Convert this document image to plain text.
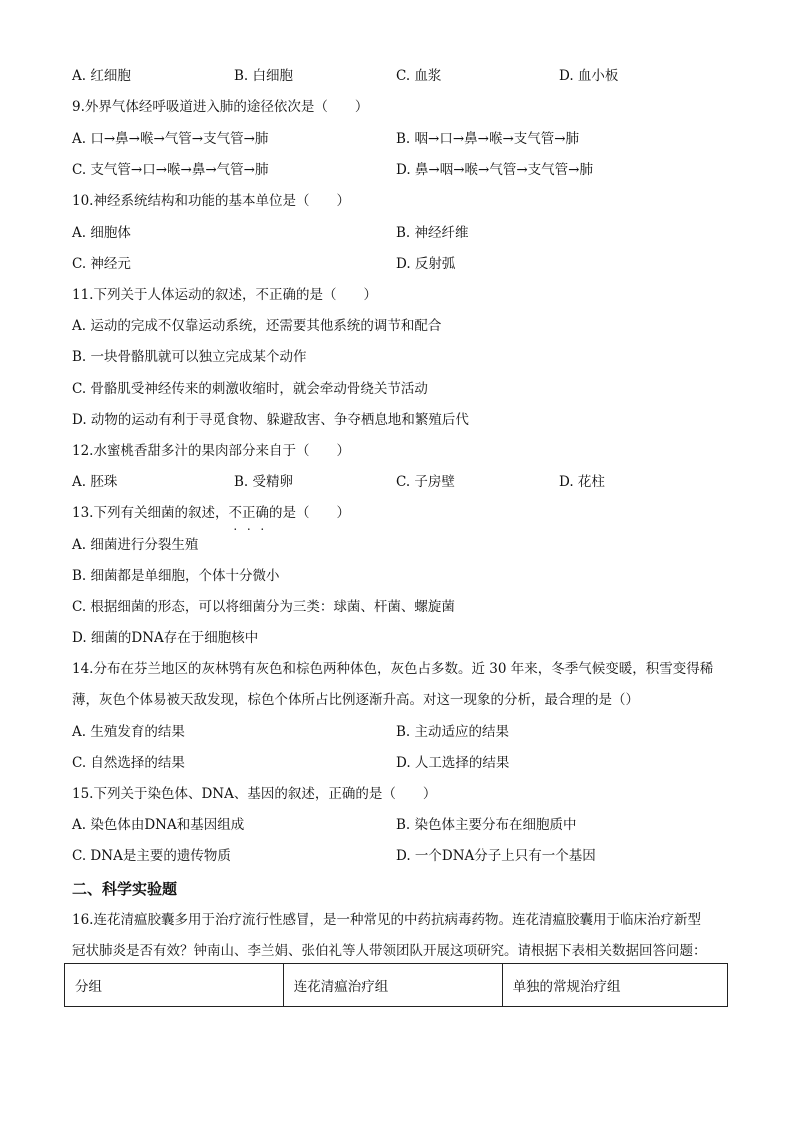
A. 红细胞	B. 白细胞	C. 血浆	D. 血小板
9.外界气体经呼吸道进入肺的途径依次是（　　）
A. 口→鼻→喉→气管→支气管→肺	B. 咽→口→鼻→喉→支气管→肺
C. 支气管→口→喉→鼻→气管→肺	D. 鼻→咽→喉→气管→支气管→肺
10.神经系统结构和功能的基本单位是（　　）
A. 细胞体	B. 神经纤维
C. 神经元	D. 反射弧
11.下列关于人体运动的叙述，不正确的是（　　）
A. 运动的完成不仅靠运动系统，还需要其他系统的调节和配合
B. 一块骨骼肌就可以独立完成某个动作
C. 骨骼肌受神经传来的刺激收缩时，就会牵动骨绕关节活动
D. 动物的运动有利于寻觅食物、躲避敌害、争夺栖息地和繁殖后代
12.水蜜桃香甜多汁的果肉部分来自于（　　）
A. 胚珠	B. 受精卵	C. 子房壁	D. 花柱
13.下列有关细菌的叙述，不正确的是（　　）
A. 细菌进行分裂生殖
B. 细菌都是单细胞，个体十分微小
C. 根据细菌的形态，可以将细菌分为三类：球菌、杆菌、螺旋菌
D. 细菌的DNA存在于细胞核中
14.分布在芬兰地区的灰林鸮有灰色和棕色两种体色，灰色占多数。近 30 年来，冬季气候变暖，积雪变得稀
薄，灰色个体易被天敌发现，棕色个体所占比例逐渐升高。对这一现象的分析，最合理的是（）
A. 生殖发育的结果	B. 主动适应的结果
C. 自然选择的结果	D. 人工选择的结果
15.下列关于染色体、DNA、基因的叙述，正确的是（　　）
A. 染色体由DNA和基因组成	B. 染色体主要分布在细胞质中
C. DNA是主要的遗传物质	D. 一个DNA分子上只有一个基因
二、科学实验题
16.连花清瘟胶囊多用于治疗流行性感冒，是一种常见的中药抗病毒药物。连花清瘟胶囊用于临床治疗新型
冠状肺炎是否有效？钟南山、李兰娟、张伯礼等人带领团队开展这项研究。请根据下表相关数据回答问题：
分组	连花清瘟治疗组	单独的常规治疗组
